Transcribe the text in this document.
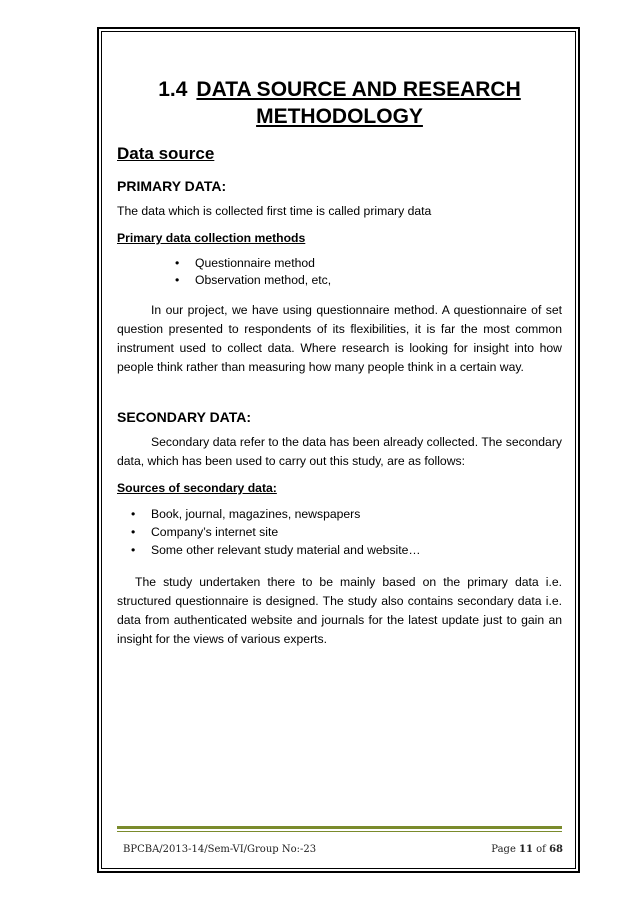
1.4 DATA SOURCE AND RESEARCH
METHODOLOGY
Data source
PRIMARY DATA:

The data which is collected first time is called primary data

Primary data collection methods
• Questionnaire method
• Observation method, etc,

In our project, we have using questionnaire method. A questionnaire of set question presented to respondents of its flexibilities, it is far the most common instrument used to collect data. Where research is looking for insight into how people think rather than measuring how many people think in a certain way.

SECONDARY DATA:

Secondary data refer to the data has been already collected. The secondary data, which has been used to carry out this study, are as follows:

Sources of secondary data:
• Book, journal, magazines, newspapers
• Company’s internet site
• Some other relevant study material and website…

The study undertaken there to be mainly based on the primary data i.e. structured questionnaire is designed. The study also contains secondary data i.e. data from authenticated website and journals for the latest update just to gain an insight for the views of various experts.

BPCBA/2013-14/Sem-VI/Group No:-23	Page 11 of 68
